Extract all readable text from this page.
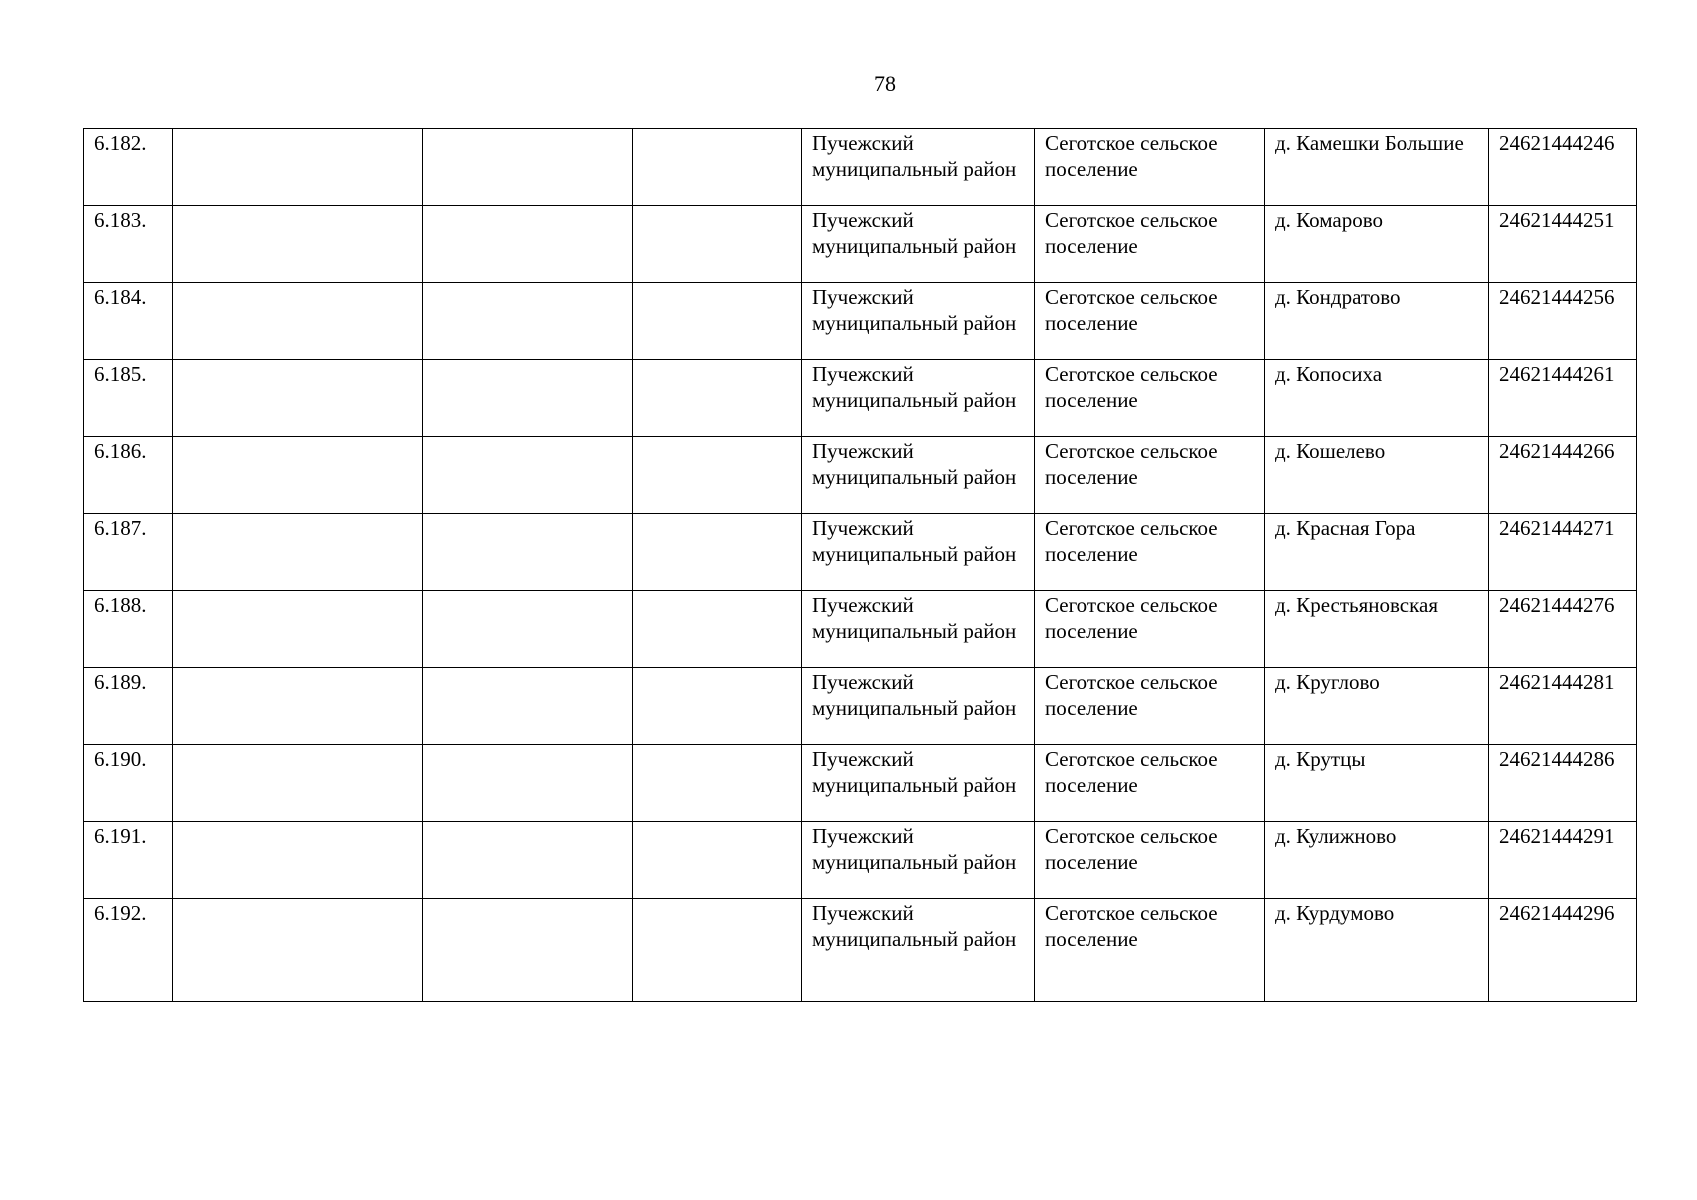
78
6.182.				Пучежский муниципальный район	Сеготское сельское поселение	д. Камешки Большие	24621444246
6.183.				Пучежский муниципальный район	Сеготское сельское поселение	д. Комарово	24621444251
6.184.				Пучежский муниципальный район	Сеготское сельское поселение	д. Кондратово	24621444256
6.185.				Пучежский муниципальный район	Сеготское сельское поселение	д. Копосиха	24621444261
6.186.				Пучежский муниципальный район	Сеготское сельское поселение	д. Кошелево	24621444266
6.187.				Пучежский муниципальный район	Сеготское сельское поселение	д. Красная Гора	24621444271
6.188.				Пучежский муниципальный район	Сеготское сельское поселение	д. Крестьяновская	24621444276
6.189.				Пучежский муниципальный район	Сеготское сельское поселение	д. Круглово	24621444281
6.190.				Пучежский муниципальный район	Сеготское сельское поселение	д. Крутцы	24621444286
6.191.				Пучежский муниципальный район	Сеготское сельское поселение	д. Кулижново	24621444291
6.192.				Пучежский муниципальный район	Сеготское сельское поселение	д. Курдумово	24621444296
